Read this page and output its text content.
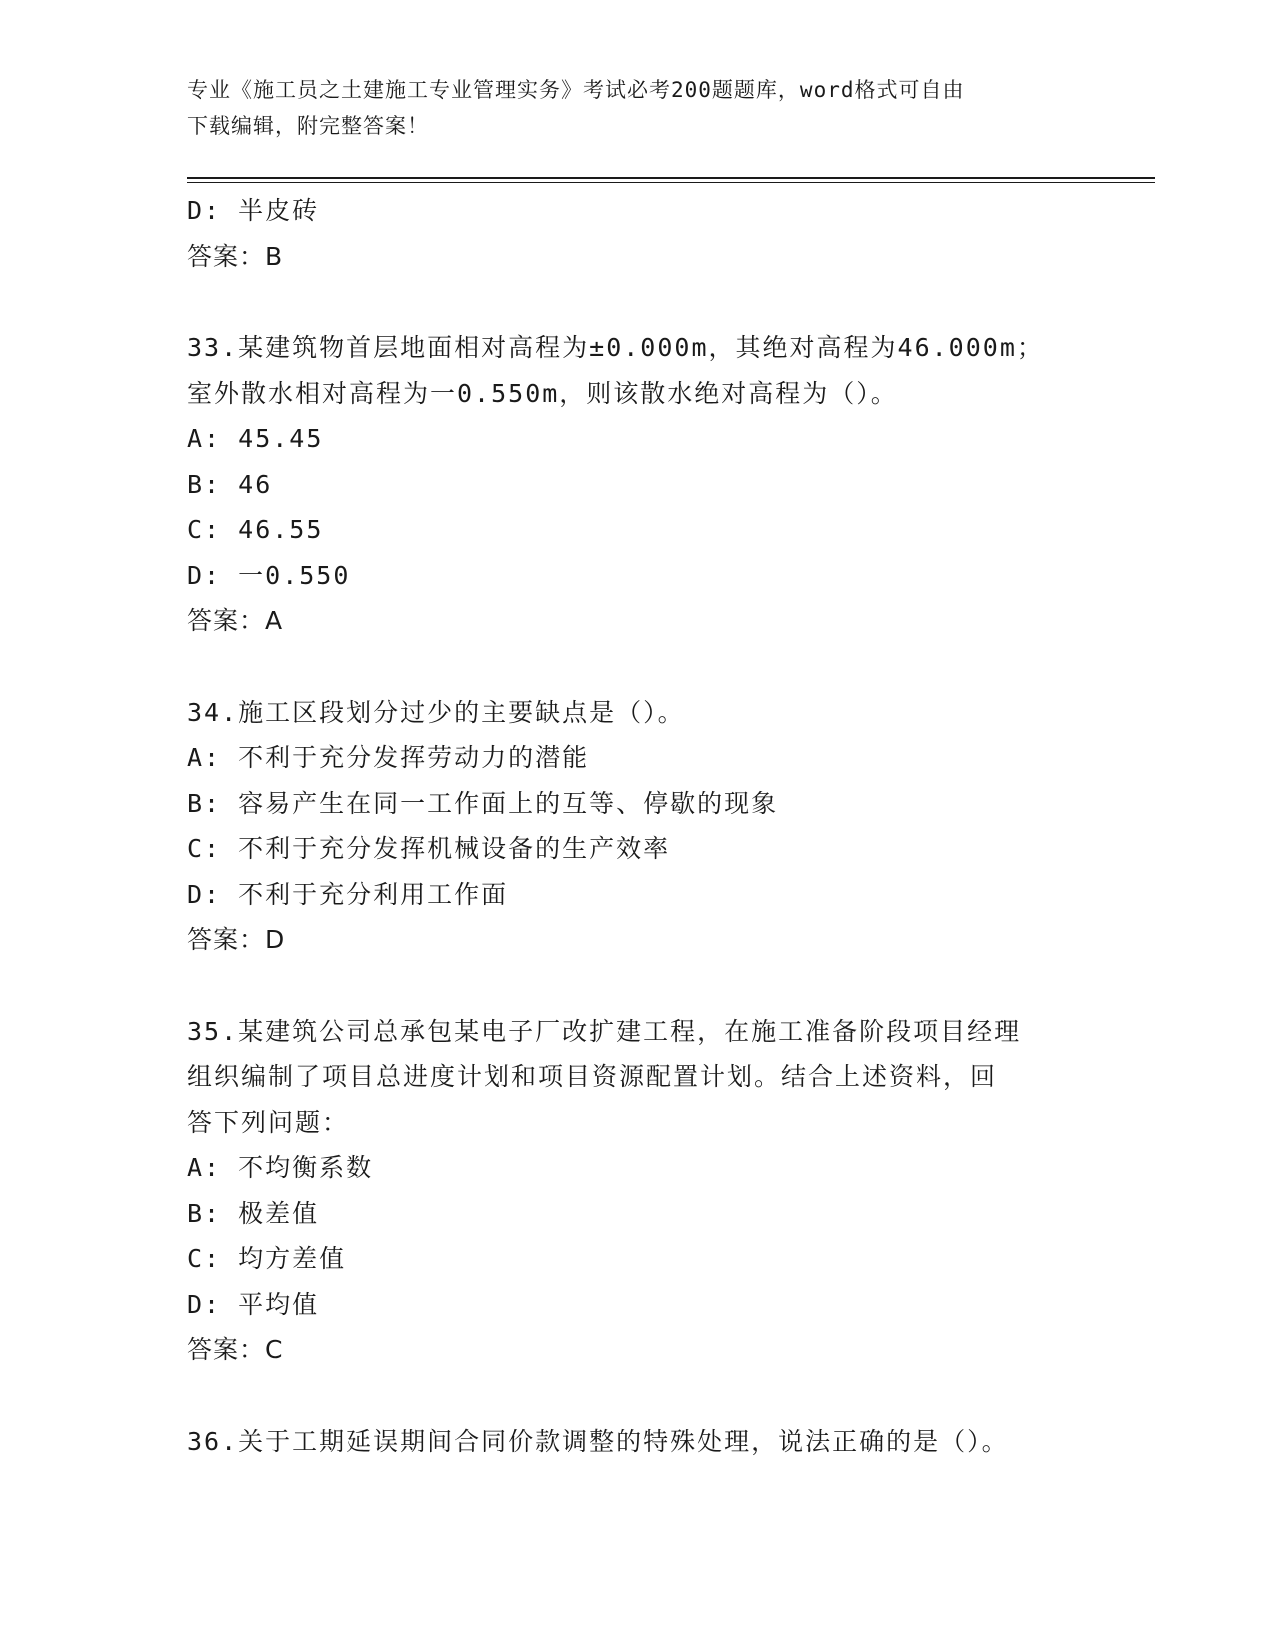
专业《施工员之土建施工专业管理实务》考试必考200题题库，word格式可自由
下载编辑，附完整答案！
D: 半皮砖
答案：B
33.某建筑物首层地面相对高程为±0.000m，其绝对高程为46.000m；
室外散水相对高程为一0.550m，则该散水绝对高程为（）。
A: 45.45
B: 46
C: 46.55
D: 一0.550
答案：A
34.施工区段划分过少的主要缺点是（）。
A: 不利于充分发挥劳动力的潜能
B: 容易产生在同一工作面上的互等、停歇的现象
C: 不利于充分发挥机械设备的生产效率
D: 不利于充分利用工作面
答案：D
35.某建筑公司总承包某电子厂改扩建工程，在施工准备阶段项目经理
组织编制了项目总进度计划和项目资源配置计划。结合上述资料，回
答下列问题：
A: 不均衡系数
B: 极差值
C: 均方差值
D: 平均值
答案：C
36.关于工期延误期间合同价款调整的特殊处理，说法正确的是（）。
